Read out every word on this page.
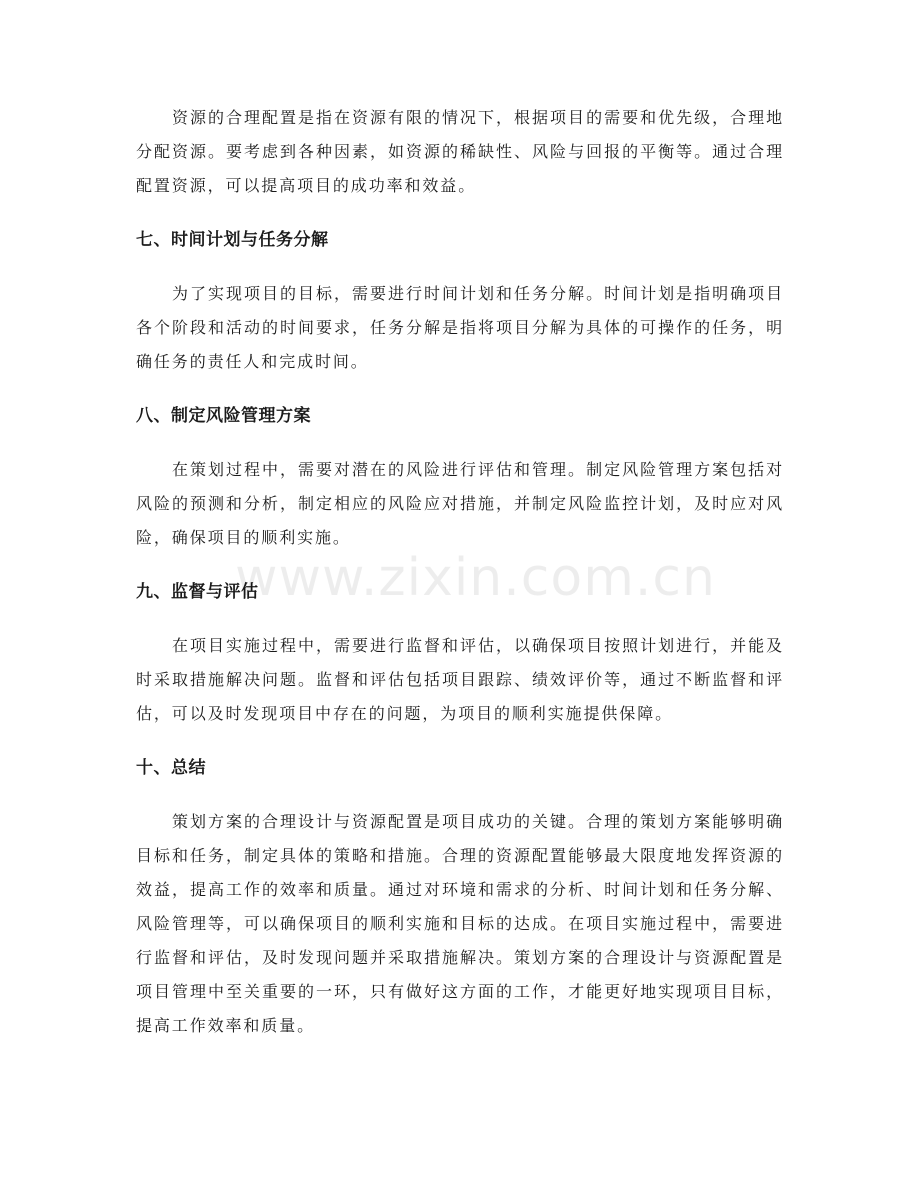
资源的合理配置是指在资源有限的情况下，根据项目的需要和优先级，合理地分配资源。要考虑到各种因素，如资源的稀缺性、风险与回报的平衡等。通过合理配置资源，可以提高项目的成功率和效益。

七、时间计划与任务分解

为了实现项目的目标，需要进行时间计划和任务分解。时间计划是指明确项目各个阶段和活动的时间要求，任务分解是指将项目分解为具体的可操作的任务，明确任务的责任人和完成时间。

八、制定风险管理方案

在策划过程中，需要对潜在的风险进行评估和管理。制定风险管理方案包括对风险的预测和分析，制定相应的风险应对措施，并制定风险监控计划，及时应对风险，确保项目的顺利实施。

九、监督与评估

在项目实施过程中，需要进行监督和评估，以确保项目按照计划进行，并能及时采取措施解决问题。监督和评估包括项目跟踪、绩效评价等，通过不断监督和评估，可以及时发现项目中存在的问题，为项目的顺利实施提供保障。

十、总结

策划方案的合理设计与资源配置是项目成功的关键。合理的策划方案能够明确目标和任务，制定具体的策略和措施。合理的资源配置能够最大限度地发挥资源的效益，提高工作的效率和质量。通过对环境和需求的分析、时间计划和任务分解、风险管理等，可以确保项目的顺利实施和目标的达成。在项目实施过程中，需要进行监督和评估，及时发现问题并采取措施解决。策划方案的合理设计与资源配置是项目管理中至关重要的一环，只有做好这方面的工作，才能更好地实现项目目标，提高工作效率和质量。

www.zixin.com.cn
